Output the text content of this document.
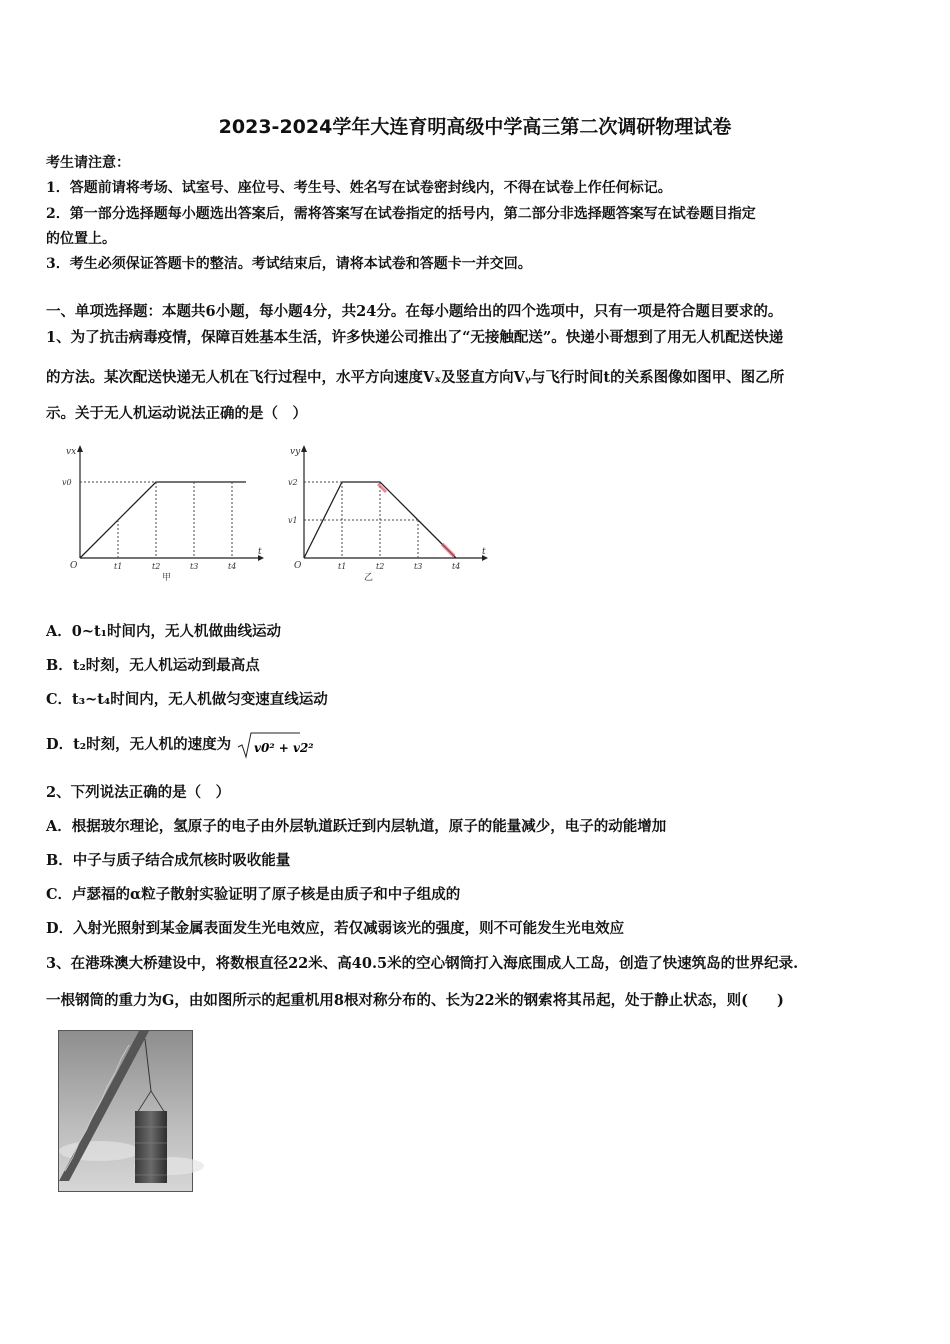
2023-2024学年大连育明高级中学高三第二次调研物理试卷
考生请注意：
1．答题前请将考场、试室号、座位号、考生号、姓名写在试卷密封线内，不得在试卷上作任何标记。
2．第一部分选择题每小题选出答案后，需将答案写在试卷指定的括号内，第二部分非选择题答案写在试卷题目指定
的位置上。
3．考生必须保证答题卡的整洁。考试结束后，请将本试卷和答题卡一并交回。
一、单项选择题：本题共6小题，每小题4分，共24分。在每小题给出的四个选项中，只有一项是符合题目要求的。
1、为了抗击病毒疫情，保障百姓基本生活，许多快递公司推出了“无接触配送”。快递小哥想到了用无人机配送快递
的方法。某次配送快递无人机在飞行过程中，水平方向速度Vₓ及竖直方向Vᵧ与飞行时间t的关系图像如图甲、图乙所
示。关于无人机运动说法正确的是（　）
vx
v0
O
t
t1	t2	t3	t4
甲
vy
v2
v1
O
t
t1	t2	t3	t4
乙
A．0~t₁时间内，无人机做曲线运动
B．t₂时刻，无人机运动到最高点
C．t₃~t₄时间内，无人机做匀变速直线运动
D．t₂时刻，无人机的速度为 v0² + v2²
2、下列说法正确的是（　）
A．根据玻尔理论，氢原子的电子由外层轨道跃迁到内层轨道，原子的能量减少，电子的动能增加
B．中子与质子结合成氘核时吸收能量
C．卢瑟福的α粒子散射实验证明了原子核是由质子和中子组成的
D．入射光照射到某金属表面发生光电效应，若仅减弱该光的强度，则不可能发生光电效应
3、在港珠澳大桥建设中，将数根直径22米、高40.5米的空心钢筒打入海底围成人工岛，创造了快速筑岛的世界纪录.
一根钢筒的重力为G，由如图所示的起重机用8根对称分布的、长为22米的钢索将其吊起，处于静止状态，则(　　)
